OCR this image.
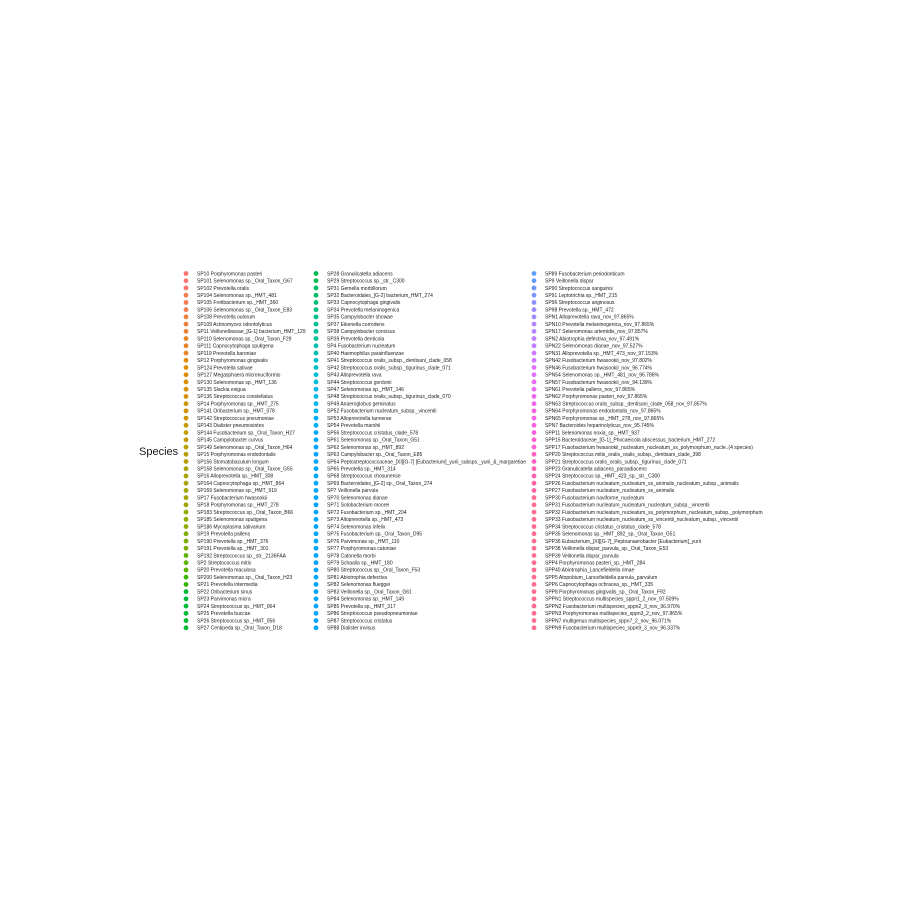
Species
SP10 Porphyromonas pasteri
SP101 Selenomonas sp._Oral_Taxon_G67
SP102 Prevotella oralis
SP104 Selenomonas sp._HMT_481
SP105 Fretibacterium sp._HMT_360
SP106 Selenomonas sp._Oral_Taxon_E83
SP108 Prevotella oulorum
SP109 Actinomyces odontolyticus
SP11 Veillonellaceae_[G-1] bacterium_HMT_129
SP110 Selenomonas sp._Oral_Taxon_F29
SP111 Capnocytophaga sputigena
SP119 Prevotella baroniae
SP12 Porphyromonas gingivalis
SP124 Prevotella salivae
SP127 Megasphaera micronuciformis
SP130 Selenomonas sp._HMT_136
SP135 Slackia exigua
SP136 Streptococcus constellatus
SP14 Porphyromonas sp._HMT_275
SP141 Oribacterium sp._HMT_078
SP142 Streptococcus pneumoniae
SP143 Dialister pneumosintes
SP144 Fusobacterium sp._Oral_Taxon_H27
SP145 Campylobacter curvus
SP149 Selenomonas sp._Oral_Taxon_H64
SP15 Porphyromonas endodontalis
SP156 Stomatobaculum longum
SP158 Selenomonas sp._Oral_Taxon_G55
SP16 Alloprevotella sp._HMT_308
SP164 Capnocytophaga sp._HMT_864
SP169 Selenomonas sp._HMT_919
SP17 Fusobacterium hwasookii
SP18 Porphyromonas sp._HMT_278
SP183 Streptococcus sp._Oral_Taxon_B66
SP185 Selenomonas sputigena
SP186 Mycoplasma salivarium
SP19 Prevotella pallens
SP190 Prevotella sp._HMT_376
SP191 Prevotella sp._HMT_301
SP192 Streptococcus sp._str._2136FAA
SP2 Streptococcus mitis
SP20 Prevotella maculosa
SP200 Selenomonas sp._Oral_Taxon_H23
SP21 Prevotella intermedia
SP22 Oribacterium sinus
SP23 Parvimonas micra
SP24 Streptococcus sp._HMT_064
SP25 Prevotella buccae
SP26 Streptococcus sp._HMT_056
SP27 Centipeda sp._Oral_Taxon_D18
SP28 Granulicatella adiacens
SP29 Streptococcus sp._str._C300
SP31 Gemella morbillorum
SP32 Bacteroidales_[G-2] bacterium_HMT_274
SP33 Capnocytophaga gingivalis
SP34 Prevotella melaninogenica
SP35 Campylobacter showae
SP37 Eikenella corrodens
SP38 Campylobacter concisus
SP39 Prevotella denticola
SP4 Fusobacterium nucleatum
SP40 Haemophilus parainfluenzae
SP41 Streptococcus oralis_subsp._dentisani_clade_058
SP42 Streptococcus oralis_subsp._tigurinus_clade_071
SP43 Alloprevotella rava
SP44 Streptococcus gordonii
SP47 Selenomonas sp._HMT_146
SP48 Streptococcus oralis_subsp._tigurinus_clade_070
SP49 Anaeroglobus geminatus
SP52 Fusobacterium nucleatum_subsp._vincentii
SP53 Alloprevotella tannerae
SP54 Prevotella marshii
SP56 Streptococcus cristatus_clade_578
SP61 Selenomonas sp._Oral_Taxon_G51
SP62 Selenomonas sp._HMT_892
SP63 Campylobacter sp._Oral_Taxon_E85
SP64 Peptostreptococcaceae_[XI][G-7] [Eubacterium]_yurii_subsps._yurii_&_margaretiae
SP65 Prevotella sp._HMT_314
SP68 Streptococcus chosunense
SP69 Bacteroidales_[G-2] sp._Oral_Taxon_274
SP7 Veillonella parvula
SP70 Selenomonas dianae
SP71 Solobacterium moorei
SP72 Fusobacterium sp._HMT_204
SP73 Alloprevotella sp._HMT_473
SP74 Selenomonas infelix
SP75 Fusobacterium sp._Oral_Taxon_D95
SP76 Parvimonas sp._HMT_110
SP77 Porphyromonas catoniae
SP78 Catonella morbi
SP79 Schaalia sp._HMT_180
SP80 Streptococcus sp._Oral_Taxon_F53
SP81 Abiotrophia defectiva
SP82 Selenomonas flueggei
SP83 Veillonella sp._Oral_Taxon_G61
SP84 Selenomonas sp._HMT_149
SP85 Prevotella sp._HMT_317
SP86 Streptococcus pseudopneumoniae
SP87 Streptococcus cristatus
SP88 Dialister invisus
SP89 Fusobacterium periodonticum
SP9 Veillonella dispar
SP90 Streptococcus sanguinis
SP91 Leptotrichia sp._HMT_215
SP96 Streptococcus anginosus
SP98 Prevotella sp._HMT_472
SPN1 Alloprevotella rava_nov_97.865%
SPN10 Prevotella melaninogenica_nov_97.865%
SPN17 Selenomonas artemidis_nov_97.857%
SPN2 Abiotrophia defectiva_nov_97.491%
SPN22 Selenomonas dianae_nov_97.527%
SPN31 Alloprevotella sp._HMT_473_nov_97.153%
SPN42 Fusobacterium hwasookii_nov_97.802%
SPN46 Fusobacterium hwasookii_nov_96.774%
SPN54 Selenomonas sp._HMT_481_nov_96.786%
SPN57 Fusobacterium hwasookii_nov_94.139%
SPN61 Prevotella pallens_nov_97.865%
SPN62 Porphyromonas pasteri_nov_97.865%
SPN63 Streptococcus oralis_subsp._dentisani_clade_058_nov_97.857%
SPN64 Porphyromonas endodontalis_nov_97.865%
SPN65 Porphyromonas sp._HMT_278_nov_97.865%
SPN7 Bacteroides heparinolyticus_nov_95.745%
SPP11 Selenomonas noxia_sp._HMT_937
SPP15 Bacteroidaceae_[G-1]_Phocaeicola abscessus_bacterium_HMT_272
SPP17 Fusobacterium hwasookii_nucleatum_nucleatum_ss_polymorphum_nucle..(4 species)
SPP20 Streptococcus mitis_oralis_oralis_subsp._dentisani_clade_398
SPP21 Streptococcus oralis_oralis_subsp._tigurinus_clade_071
SPP23 Granulicatella adiacens_paraadiacens
SPP24 Streptococcus sp._HMT_423_sp._str._C300
SPP26 Fusobacterium nucleatum_nucleatum_ss_animalis_nucleatum_subsp._animalis
SPP27 Fusobacterium nucleatum_nucleatum_ss_animalis
SPP30 Fusobacterium naviforme_nucleatum
SPP31 Fusobacterium nucleatum_nucleatum_nucleatum_subsp._vincentii
SPP32 Fusobacterium nucleatum_nucleatum_ss_polymorphum_nucleatum_subsp._polymorphum
SPP33 Fusobacterium nucleatum_nucleatum_ss_vincentii_nucleatum_subsp._vincentii
SPP34 Streptococcus cristatus_cristatus_clade_578
SPP35 Selenomonas sp._HMT_892_sp._Oral_Taxon_G51
SPP36 Eubacterium_[XI][G-7]_Peptoanaerobacter [Eubacterium]_yurii
SPP38 Veillonella dispar_parvula_sp._Oral_Taxon_E53
SPP39 Veillonella dispar_parvula
SPP4 Porphyromonas pasteri_sp._HMT_284
SPP40 Abiotrophia_Lancefieldella rimae
SPP5 Atopobium_Lancefieldella parvula_parvulum
SPP6 Capnocytophaga ochracea_sp._HMT_335
SPP8 Porphyromonas gingivalis_sp._Oral_Taxon_F92
SPPN1 Streptococcus multispecies_sppn1_2_nov_97.509%
SPPN2 Fusobacterium multispecies_sppn2_3_nov_96.970%
SPPN3 Porphyromonas multispecies_sppn3_2_nov_97.865%
SPPN7 multigenus multispecies_sppn7_2_nov_96.071%
SPPN9 Fusobacterium multispecies_sppn9_3_nov_96.337%
